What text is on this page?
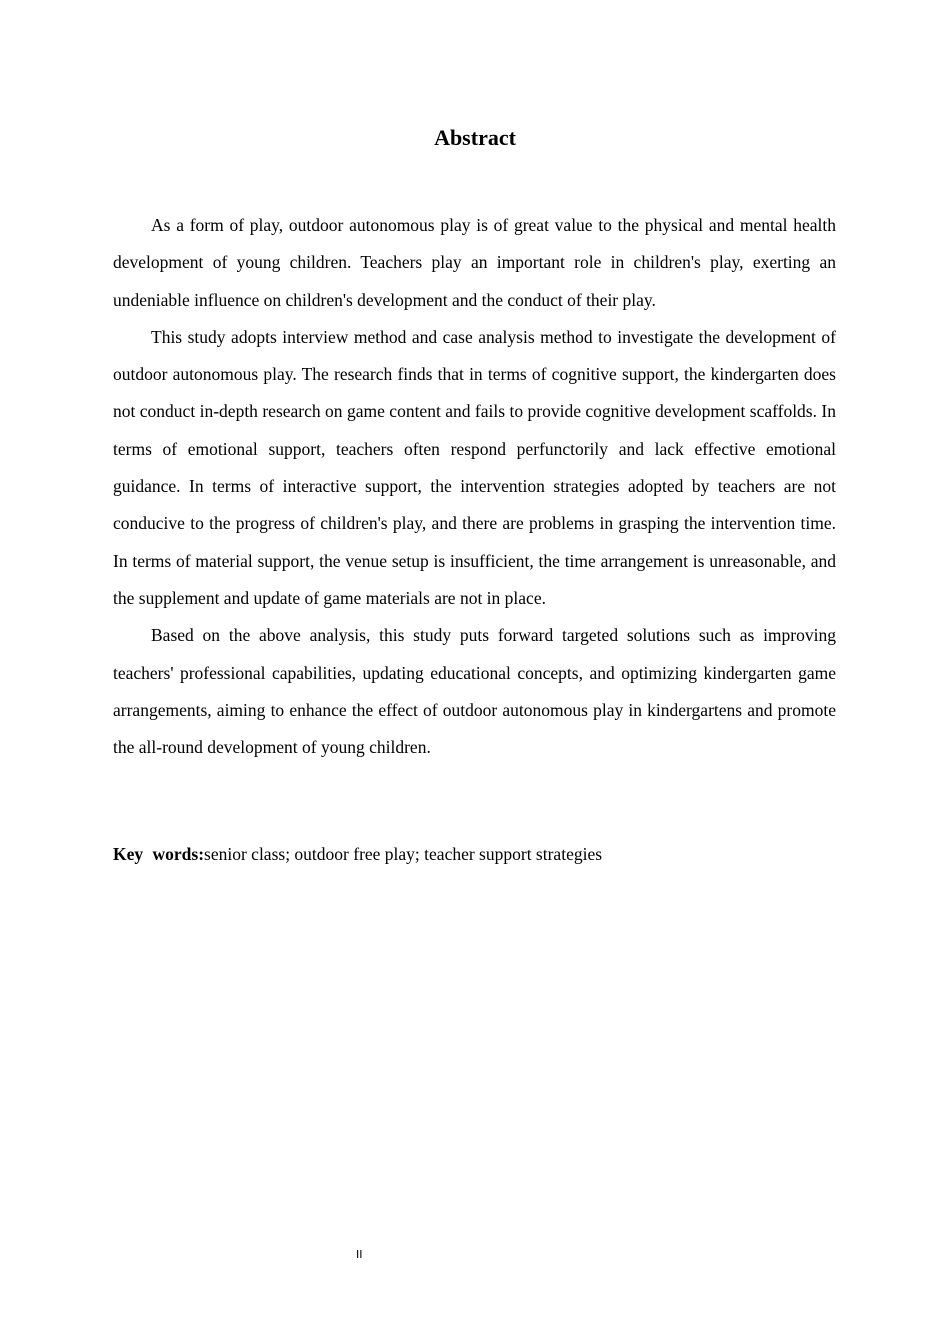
Abstract

As a form of play, outdoor autonomous play is of great value to the physical and mental health development of young children. Teachers play an important role in children's play, exerting an undeniable influence on children's development and the conduct of their play.

This study adopts interview method and case analysis method to investigate the development of outdoor autonomous play. The research finds that in terms of cognitive support, the kindergarten does not conduct in-depth research on game content and fails to provide cognitive development scaffolds. In terms of emotional support, teachers often respond perfunctorily and lack effective emotional guidance. In terms of interactive support, the intervention strategies adopted by teachers are not conducive to the progress of children's play, and there are problems in grasping the intervention time. In terms of material support, the venue setup is insufficient, the time arrangement is unreasonable, and the supplement and update of game materials are not in place.

Based on the above analysis, this study puts forward targeted solutions such as improving teachers' professional capabilities, updating educational concepts, and optimizing kindergarten game arrangements, aiming to enhance the effect of outdoor autonomous play in kindergartens and promote the all-round development of young children.

Key words:senior class; outdoor free play; teacher support strategies
II
